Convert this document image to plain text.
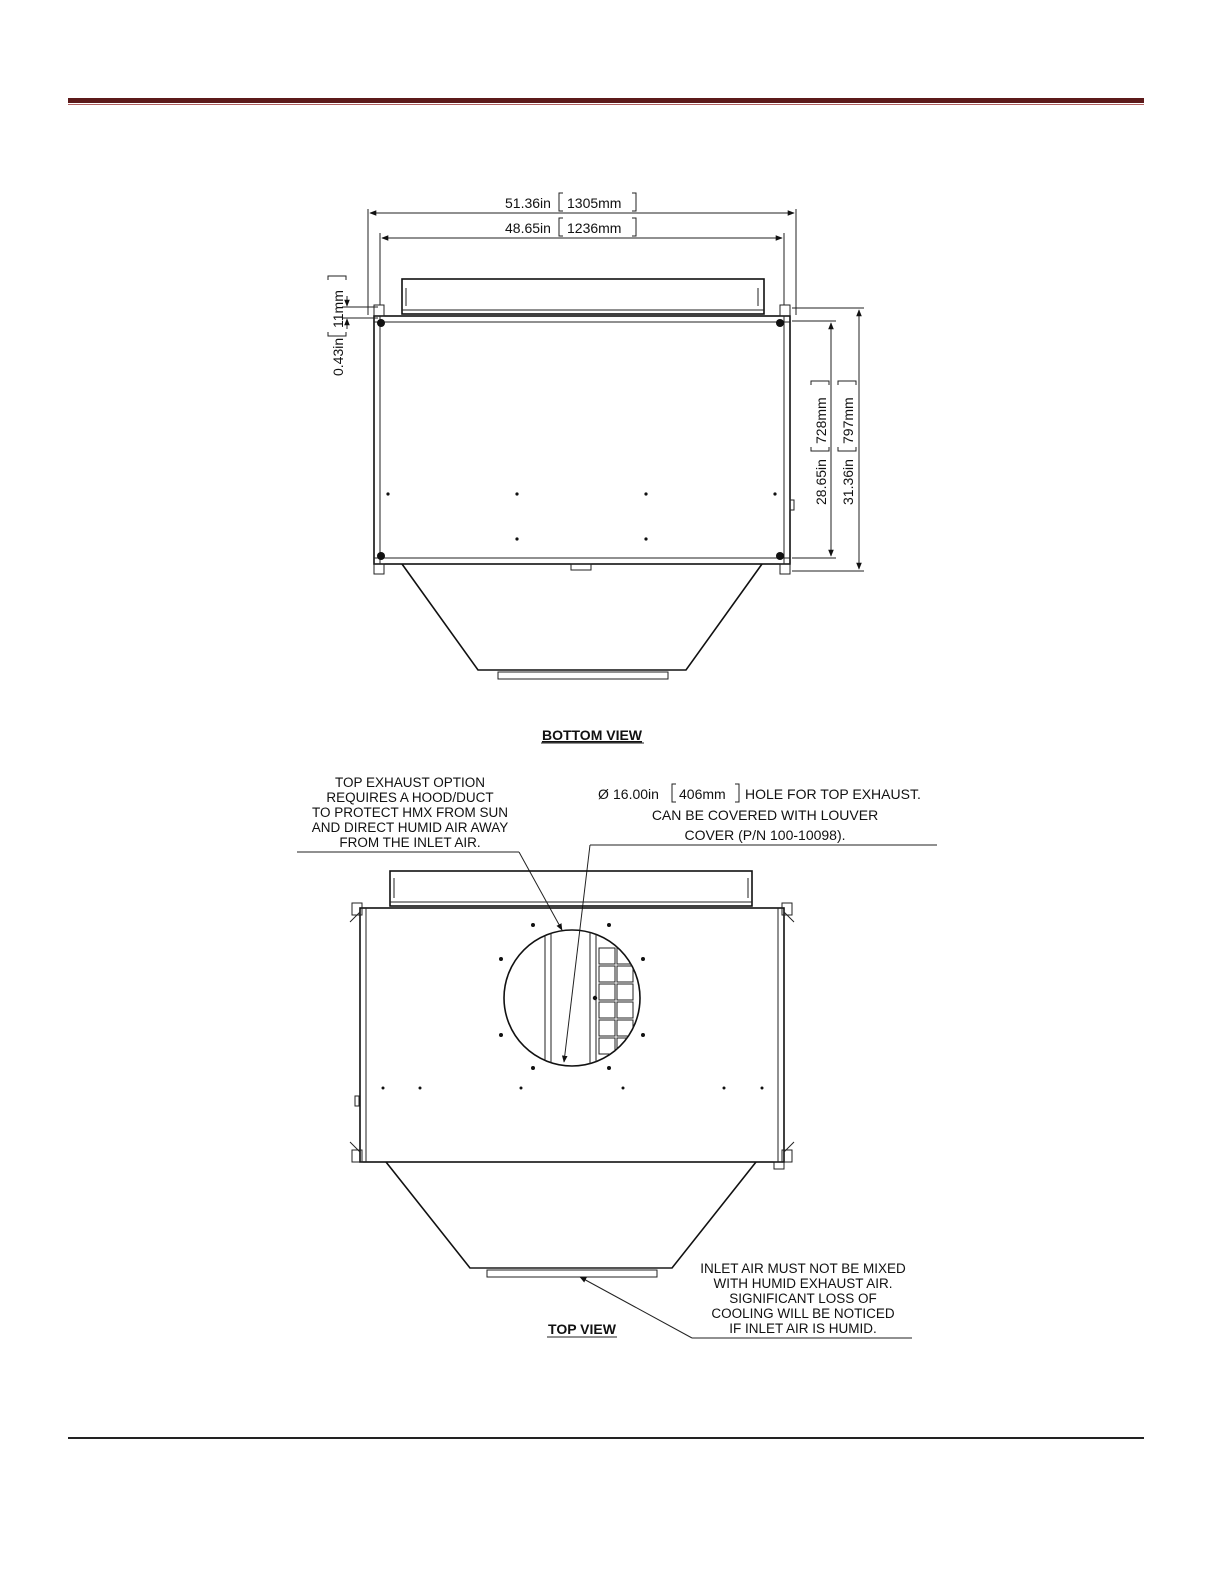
51.36in 1305mm
48.65in 1236mm
0.43in
11mm
28.65in
728mm
31.36in
797mm
BOTTOM VIEW
TOP EXHAUST OPTION
REQUIRES A HOOD/DUCT
TO PROTECT HMX FROM SUN
AND DIRECT HUMID AIR AWAY
FROM THE INLET AIR.
Ø 16.00in 406mm HOLE FOR TOP EXHAUST.
CAN BE COVERED WITH LOUVER
COVER (P/N 100-10098).
INLET AIR MUST NOT BE MIXED
WITH HUMID EXHAUST AIR.
SIGNIFICANT LOSS OF
COOLING WILL BE NOTICED
IF INLET AIR IS HUMID.
TOP VIEW
